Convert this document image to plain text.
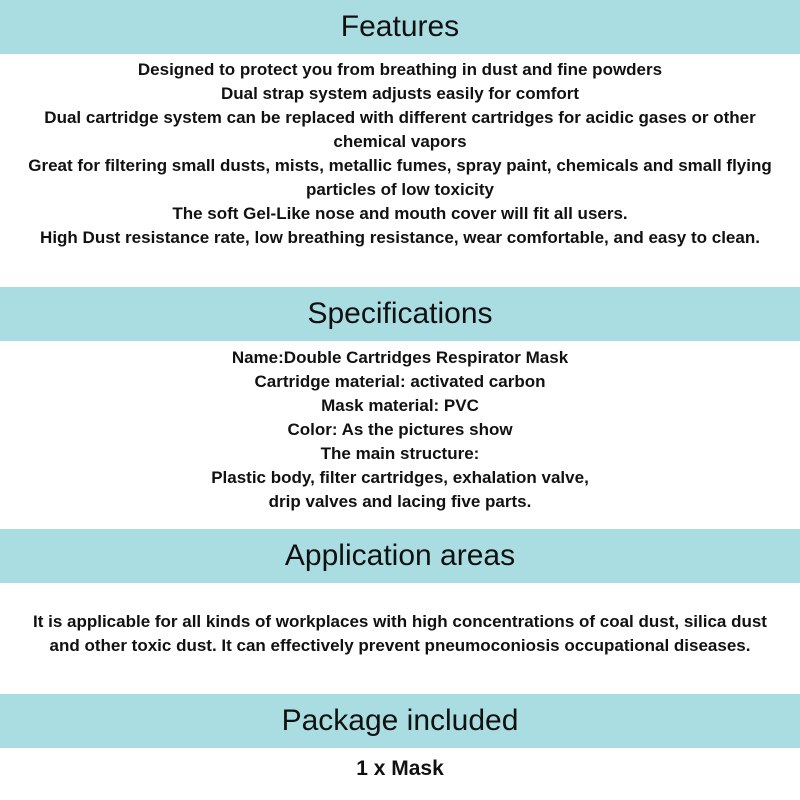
Features
Designed to protect you from breathing in dust and fine powders
Dual strap system adjusts easily for comfort
Dual cartridge system can be replaced with different cartridges for acidic gases or other
chemical vapors
Great for filtering small dusts, mists, metallic fumes, spray paint, chemicals and small flying
particles of low toxicity
The soft Gel-Like nose and mouth cover will fit all users.
High Dust resistance rate, low breathing resistance, wear comfortable, and easy to clean.
Specifications
Name:Double Cartridges Respirator Mask
Cartridge material: activated carbon
Mask material: PVC
Color: As the pictures show
The main structure:
Plastic body, filter cartridges, exhalation valve,
drip valves and lacing five parts.
Application areas
It is applicable for all kinds of workplaces with high concentrations of coal dust, silica dust
and other toxic dust. It can effectively prevent pneumoconiosis occupational diseases.
Package included
1 x Mask
